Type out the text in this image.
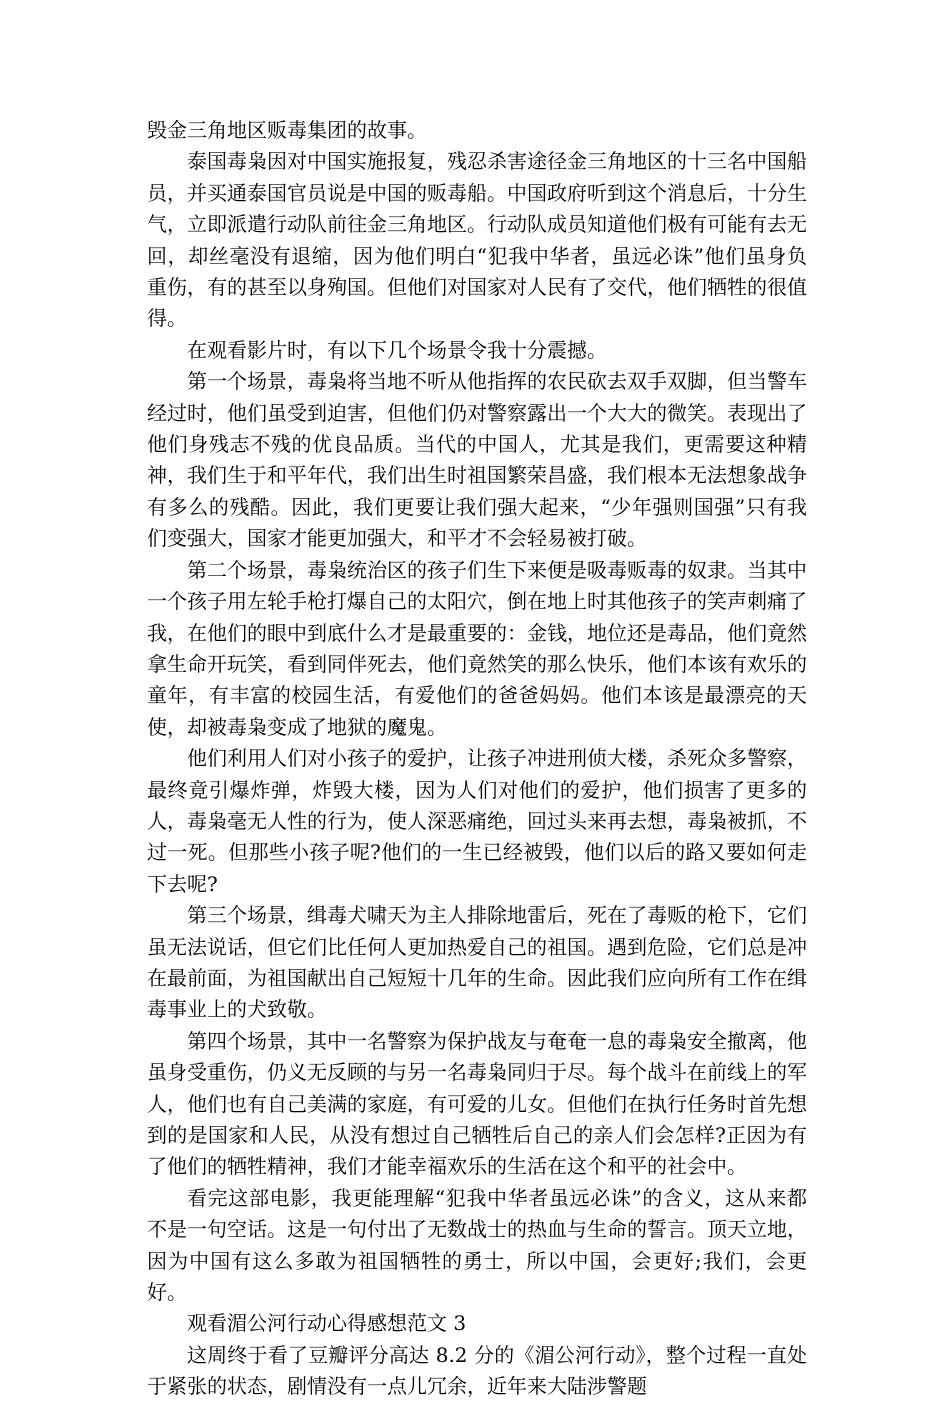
毁金三角地区贩毒集团的故事。

泰国毒枭因对中国实施报复，残忍杀害途径金三角地区的十三名中国船员，并买通泰国官员说是中国的贩毒船。中国政府听到这个消息后，十分生气，立即派遣行动队前往金三角地区。行动队成员知道他们极有可能有去无回，却丝毫没有退缩，因为他们明白“犯我中华者，虽远必诛”他们虽身负重伤，有的甚至以身殉国。但他们对国家对人民有了交代，他们牺牲的很值得。

在观看影片时，有以下几个场景令我十分震撼。

第一个场景，毒枭将当地不听从他指挥的农民砍去双手双脚，但当警车经过时，他们虽受到迫害，但他们仍对警察露出一个大大的微笑。表现出了他们身残志不残的优良品质。当代的中国人，尤其是我们，更需要这种精神，我们生于和平年代，我们出生时祖国繁荣昌盛，我们根本无法想象战争有多么的残酷。因此，我们更要让我们强大起来，“少年强则国强”只有我们变强大，国家才能更加强大，和平才不会轻易被打破。

第二个场景，毒枭统治区的孩子们生下来便是吸毒贩毒的奴隶。当其中一个孩子用左轮手枪打爆自己的太阳穴，倒在地上时其他孩子的笑声刺痛了我，在他们的眼中到底什么才是最重要的：金钱，地位还是毒品，他们竟然拿生命开玩笑，看到同伴死去，他们竟然笑的那么快乐，他们本该有欢乐的童年，有丰富的校园生活，有爱他们的爸爸妈妈。他们本该是最漂亮的天使，却被毒枭变成了地狱的魔鬼。

他们利用人们对小孩子的爱护，让孩子冲进刑侦大楼，杀死众多警察，最终竟引爆炸弹，炸毁大楼，因为人们对他们的爱护，他们损害了更多的人，毒枭毫无人性的行为，使人深恶痛绝，回过头来再去想，毒枭被抓，不过一死。但那些小孩子呢?他们的一生已经被毁，他们以后的路又要如何走下去呢?

第三个场景，缉毒犬啸天为主人排除地雷后，死在了毒贩的枪下，它们虽无法说话，但它们比任何人更加热爱自己的祖国。遇到危险，它们总是冲在最前面，为祖国献出自己短短十几年的生命。因此我们应向所有工作在缉毒事业上的犬致敬。

第四个场景，其中一名警察为保护战友与奄奄一息的毒枭安全撤离，他虽身受重伤，仍义无反顾的与另一名毒枭同归于尽。每个战斗在前线上的军人，他们也有自己美满的家庭，有可爱的儿女。但他们在执行任务时首先想到的是国家和人民，从没有想过自己牺牲后自己的亲人们会怎样?正因为有了他们的牺牲精神，我们才能幸福欢乐的生活在这个和平的社会中。

看完这部电影，我更能理解“犯我中华者虽远必诛”的含义，这从来都不是一句空话。这是一句付出了无数战士的热血与生命的誓言。顶天立地，因为中国有这么多敢为祖国牺牲的勇士，所以中国，会更好;我们，会更好。

观看湄公河行动心得感想范文 3

这周终于看了豆瓣评分高达 8.2 分的《湄公河行动》，整个过程一直处于紧张的状态，剧情没有一点儿冗余，近年来大陆涉警题
